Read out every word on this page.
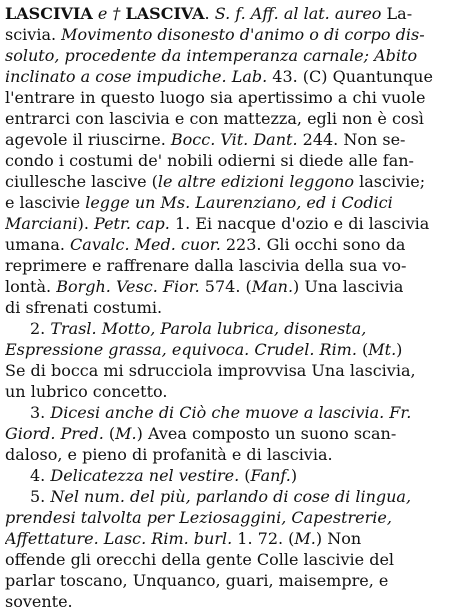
LASCIVIA e † LASCIVA. S. f. Aff. al lat. aureo La-
scivia. Movimento disonesto d'animo o di corpo dis-
soluto, procedente da intemperanza carnale; Abito
inclinato a cose impudiche. Lab. 43. (C) Quantunque
l'entrare in questo luogo sia apertissimo a chi vuole
entrarci con lascivia e con mattezza, egli non è così
agevole il riuscirne. Bocc. Vit. Dant. 244. Non se-
condo i costumi de' nobili odierni si diede alle fan-
ciullesche lascive (le altre edizioni leggono lascivie;
e lascivie legge un Ms. Laurenziano, ed i Codici
Marciani). Petr. cap. 1. Ei nacque d'ozio e di lascivia
umana. Cavalc. Med. cuor. 223. Gli occhi sono da
reprimere e raffrenare dalla lascivia della sua vo-
lontà. Borgh. Vesc. Fior. 574. (Man.) Una lascivia
di sfrenati costumi.
2. Trasl. Motto, Parola lubrica, disonesta,
Espressione grassa, equivoca. Crudel. Rim. (Mt.)
Se di bocca mi sdrucciola improvvisa Una lascivia,
un lubrico concetto.
3. Dicesi anche di Ciò che muove a lascivia. Fr.
Giord. Pred. (M.) Avea composto un suono scan-
daloso, e pieno di profanità e di lascivia.
4. Delicatezza nel vestire. (Fanf.)
5. Nel num. del più, parlando di cose di lingua,
prendesi talvolta per Leziosaggini, Capestrerie,
Affettature. Lasc. Rim. burl. 1. 72. (M.) Non
offende gli orecchi della gente Colle lascivie del
parlar toscano, Unquanco, guari, maisempre, e
sovente.
